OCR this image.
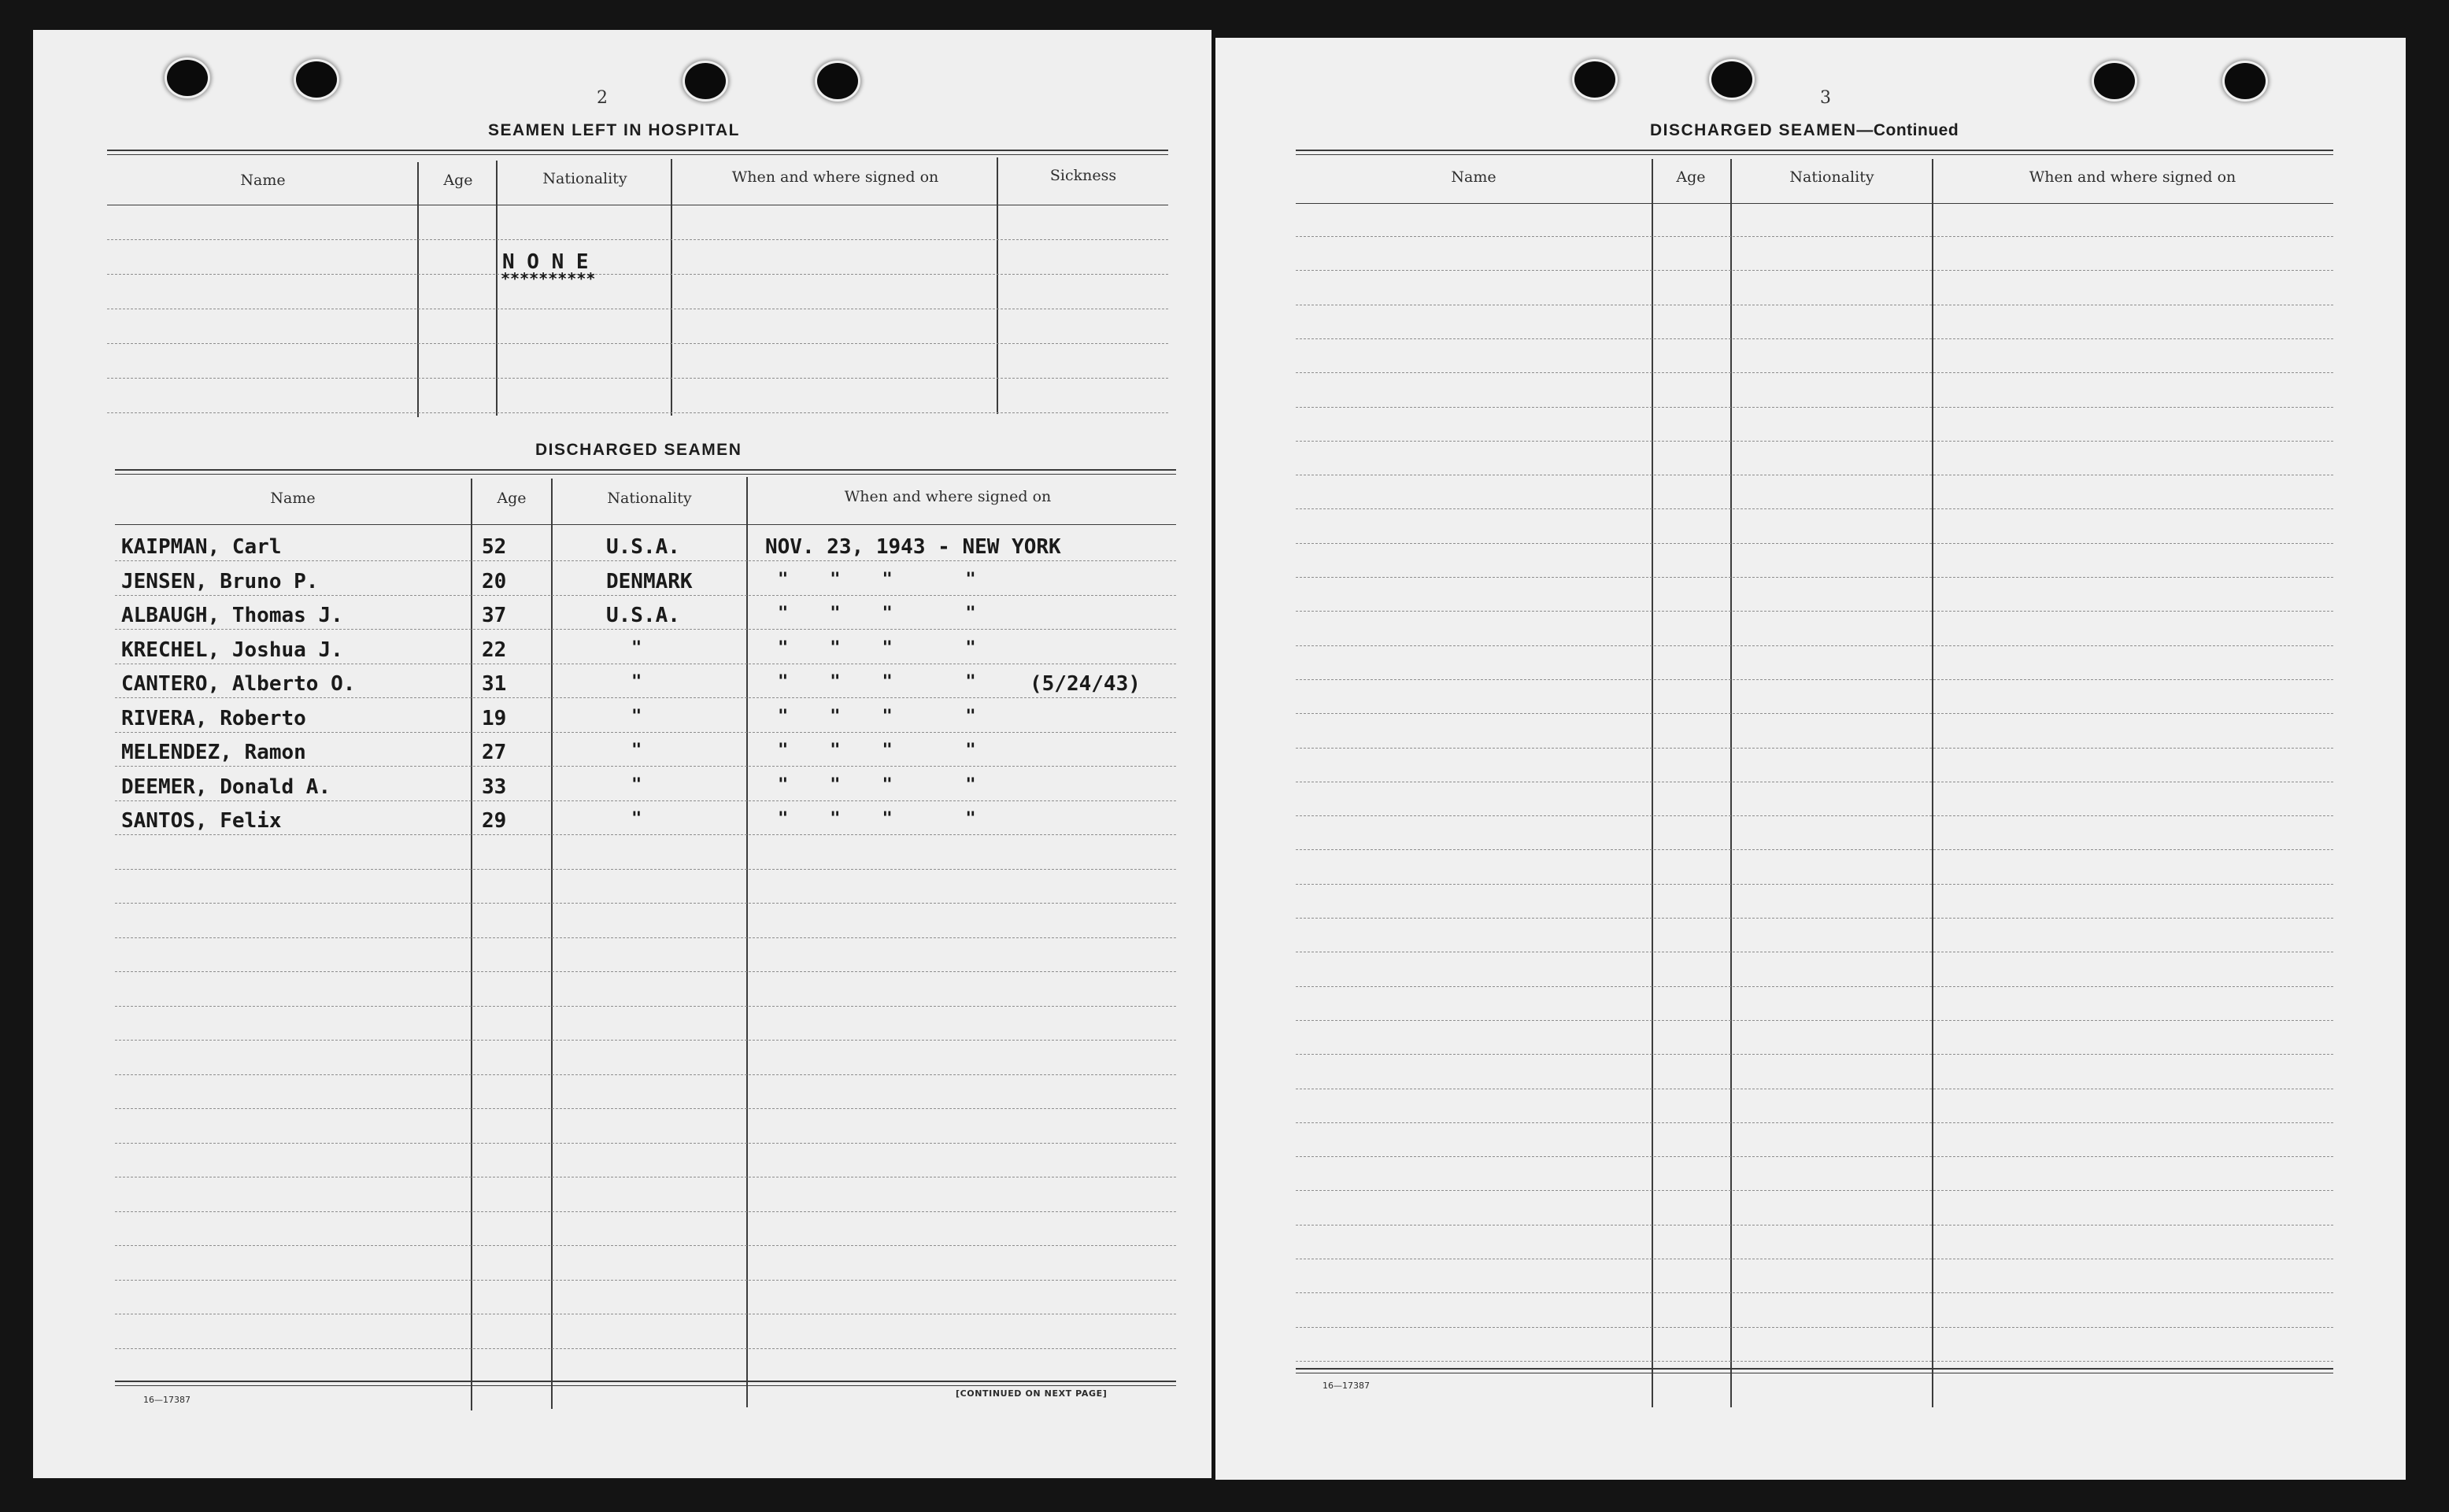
2
SEAMEN LEFT IN HOSPITAL
Name	Age	Nationality	When and where signed on	Sickness
N O N E
**********
DISCHARGED SEAMEN
Name	Age	Nationality	When and where signed on
KAIPMAN, Carl	52	U.S.A.	NOV. 23, 1943 - NEW YORK
JENSEN, Bruno P.	20	DENMARK	"    "    "       "
ALBAUGH, Thomas J.	37	U.S.A.	"    "    "       "
KRECHEL, Joshua J.	22	"	"    "    "       "
CANTERO, Alberto O.	31	"	"    "    "       "	(5/24/43)
RIVERA, Roberto	19	"	"    "    "       "
MELENDEZ, Ramon	27	"	"    "    "       "
DEEMER, Donald A.	33	"	"    "    "       "
SANTOS, Felix	29	"	"    "    "       "
16—17387
[CONTINUED ON NEXT PAGE]
3
DISCHARGED SEAMEN—Continued
Name	Age	Nationality	When and where signed on
16—17387
